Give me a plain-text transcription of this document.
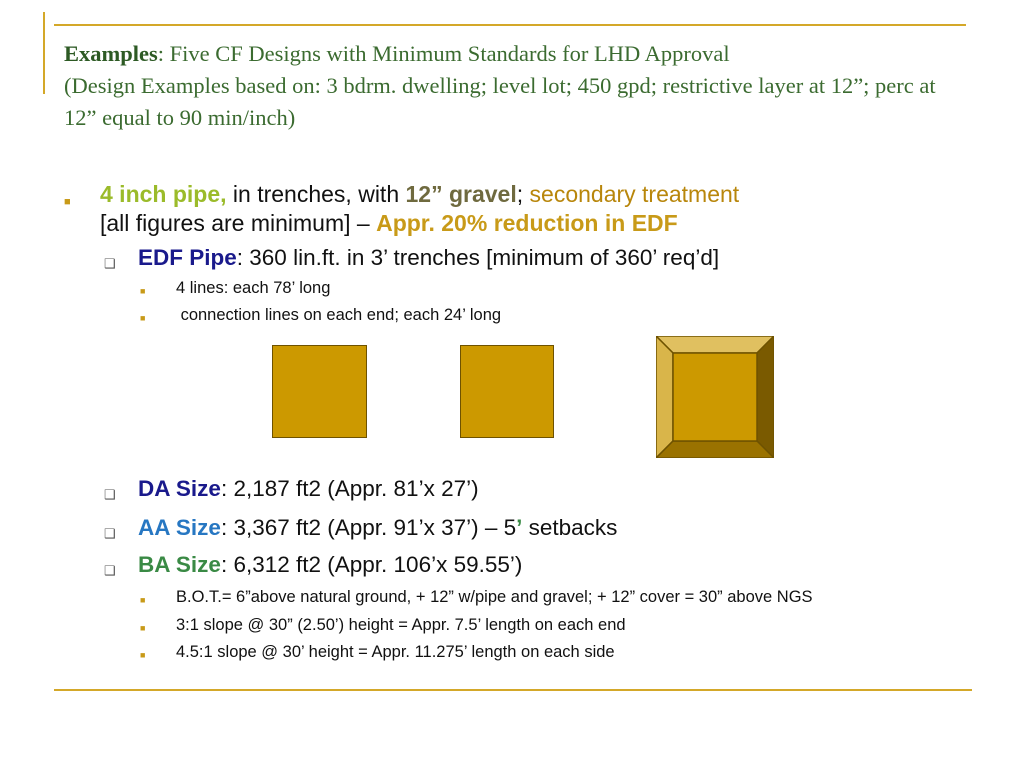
Examples: Five CF Designs with Minimum Standards for LHD Approval
(Design Examples based on: 3 bdrm. dwelling; level lot; 450 gpd; restrictive layer at 12”; perc at 12” equal to 90 min/inch)
■ 4 inch pipe, in trenches, with 12” gravel; secondary treatment
[all figures are minimum] – Appr. 20% reduction in EDF
❑ EDF Pipe: 360 lin.ft. in 3’ trenches [minimum of 360’ req’d]
■ 4 lines: each 78’ long
■ connection lines on each end; each 24’ long
❑ DA Size: 2,187 ft2 (Appr. 81’x 27’)
❑ AA Size: 3,367 ft2 (Appr. 91’x 37’) – 5’ setbacks
❑ BA Size: 6,312 ft2 (Appr. 106’x 59.55’)
■ B.O.T.= 6”above natural ground, + 12” w/pipe and gravel; + 12” cover = 30” above NGS
■ 3:1 slope @ 30” (2.50’) height = Appr. 7.5’ length on each end
■ 4.5:1 slope @ 30’ height = Appr. 11.275’ length on each side
